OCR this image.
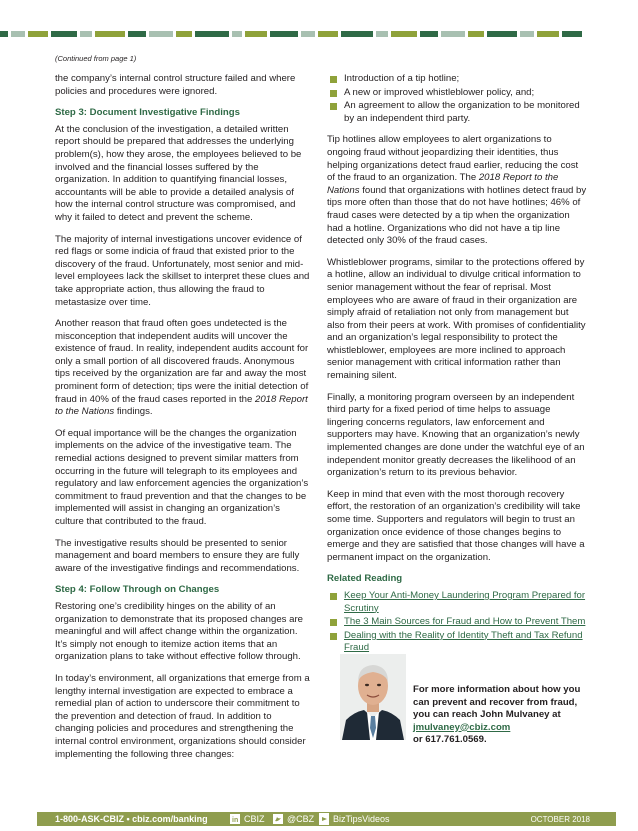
(Continued from page 1)

the company’s internal control structure failed and where policies and procedures were ignored.

Step 3: Document Investigative Findings

At the conclusion of the investigation, a detailed written report should be prepared that addresses the underlying problem(s), how they arose, the employees believed to be involved and the financial losses suffered by the organization. In addition to quantifying financial losses, accountants will be able to provide a detailed analysis of how the internal control structure was compromised, and why it failed to detect and prevent the scheme.

The majority of internal investigations uncover evidence of red flags or some indicia of fraud that existed prior to the discovery of the fraud. Unfortunately, most senior and mid-level employees lack the skillset to interpret these clues and take appropriate action, thus allowing the fraud to metastasize over time.

Another reason that fraud often goes undetected is the misconception that independent audits will uncover the existence of fraud. In reality, independent audits account for only a small portion of all discovered frauds. Anonymous tips received by the organization are far and away the most prominent form of detection; tips were the initial detection of fraud in 40% of the fraud cases reported in the 2018 Report to the Nations findings.

Of equal importance will be the changes the organization implements on the advice of the investigative team. The remedial actions designed to prevent similar matters from occurring in the future will telegraph to its employees and regulatory and law enforcement agencies the organization’s commitment to fraud prevention and that the changes to be implemented will assist in changing an organization’s culture that contributed to the fraud.

The investigative results should be presented to senior management and board members to ensure they are fully aware of the investigative findings and recommendations.

Step 4: Follow Through on Changes

Restoring one’s credibility hinges on the ability of an organization to demonstrate that its proposed changes are meaningful and will affect change within the organization. It’s simply not enough to itemize action items that an organization plans to take without effective follow through.

In today’s environment, all organizations that emerge from a lengthy internal investigation are expected to embrace a remedial plan of action to underscore their commitment to the prevention and detection of fraud. In addition to changing policies and procedures and strengthening the internal control environment, organizations should consider implementing the following three changes:

Introduction of a tip hotline;
A new or improved whistleblower policy, and;
An agreement to allow the organization to be monitored by an independent third party.

Tip hotlines allow employees to alert organizations to ongoing fraud without jeopardizing their identities, thus helping organizations detect fraud earlier, reducing the cost of the fraud to an organization. The 2018 Report to the Nations found that organizations with hotlines detect fraud by tips more often than those that do not have hotlines; 46% of fraud cases were detected by a tip when the organization had a hotline. Organizations who did not have a tip line detected only 30% of the fraud cases.

Whistleblower programs, similar to the protections offered by a hotline, allow an individual to divulge critical information to senior management without the fear of reprisal. Most employees who are aware of fraud in their organization are simply afraid of retaliation not only from management but also from their peers at work. With promises of confidentiality and an organization’s legal responsibility to protect the whistleblower, employees are more inclined to approach senior management with critical information rather than remaining silent.

Finally, a monitoring program overseen by an independent third party for a fixed period of time helps to assuage lingering concerns regulators, law enforcement and supporters may have. Knowing that an organization’s newly implemented changes are done under the watchful eye of an independent monitor greatly decreases the likelihood of an organization’s return to its previous behavior.

Keep in mind that even with the most thorough recovery effort, the restoration of an organization’s credibility will take some time. Supporters and regulators will begin to trust an organization once evidence of those changes begins to emerge and they are satisfied that those changes will have a permanent impact on the organization.

Related Reading
Keep Your Anti-Money Laundering Program Prepared for Scrutiny
The 3 Main Sources for Fraud and How to Prevent Them
Dealing with the Reality of Identity Theft and Tax Refund Fraud
For more information about how you can prevent and recover from fraud, you can reach John Mulvaney at
jmulvaney@cbiz.com
or 617.761.0569.
1-800-ASK-CBIZ • cbiz.com/banking	in CBIZ @CBZ BizTipsVideos	OCTOBER 2018
